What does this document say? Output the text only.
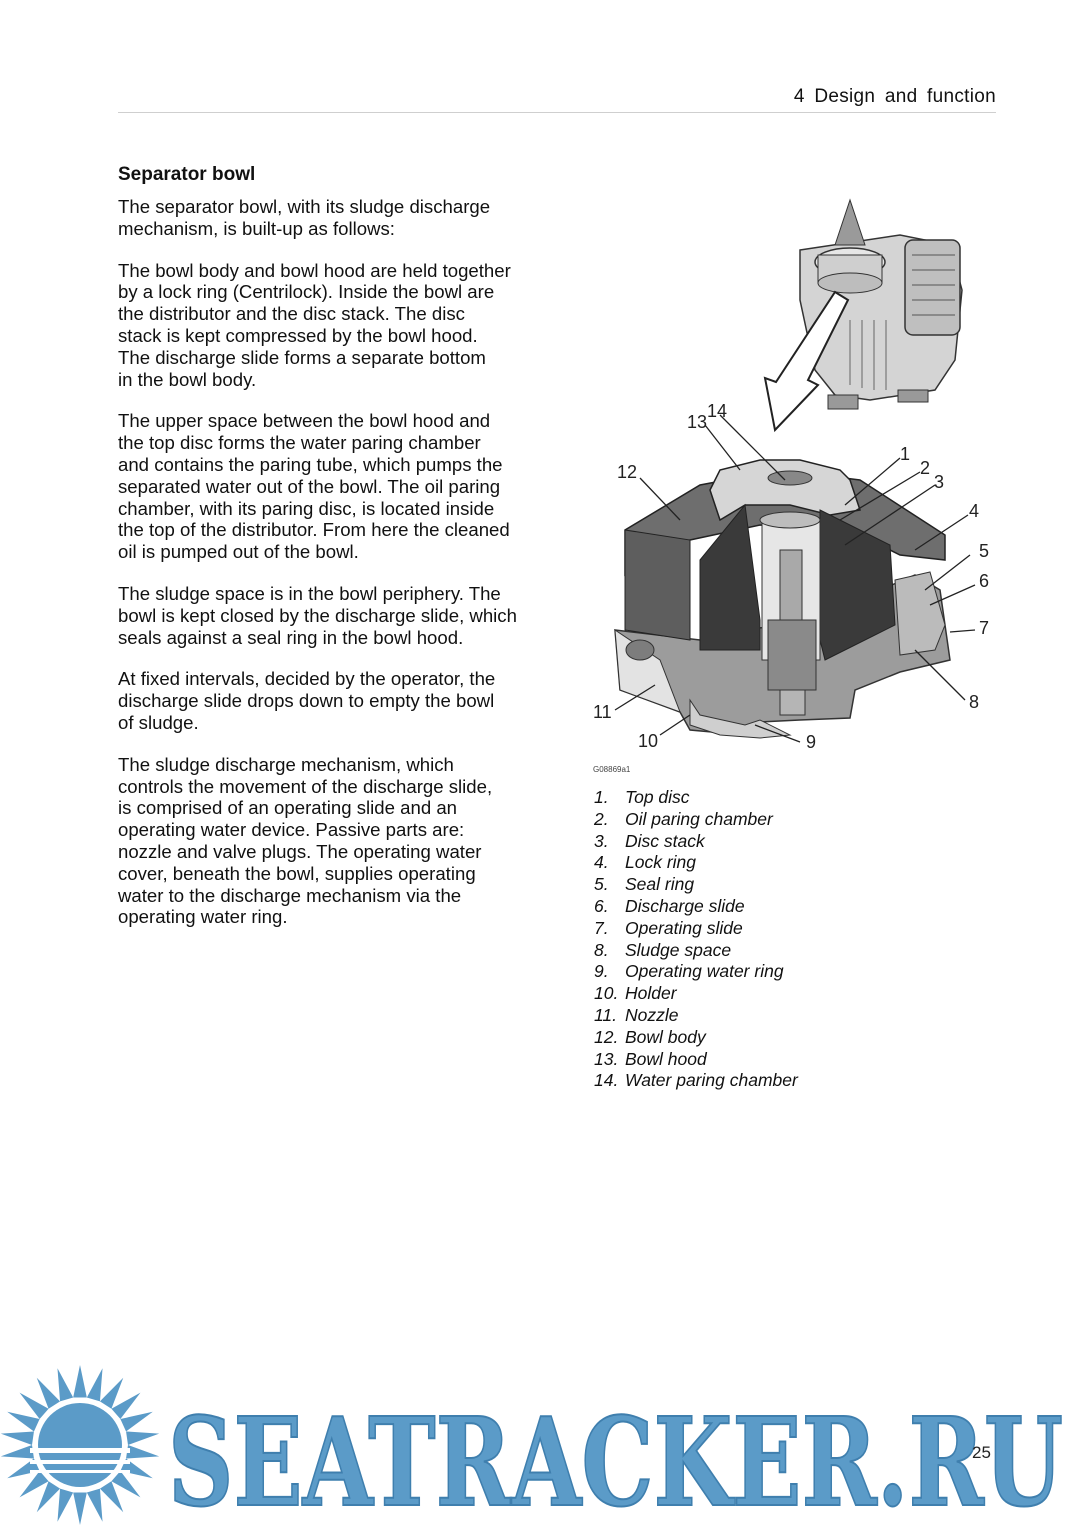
4 Design and function
Separator bowl

The separator bowl, with its sludge discharge
mechanism, is built-up as follows:

The bowl body and bowl hood are held together
by a lock ring (Centrilock). Inside the bowl are
the distributor and the disc stack. The disc
stack is kept compressed by the bowl hood.
The discharge slide forms a separate bottom
in the bowl body.

The upper space between the bowl hood and
the top disc forms the water paring chamber
and contains the paring tube, which pumps the
separated water out of the bowl. The oil paring
chamber, with its paring disc, is located inside
the top of the distributor. From here the cleaned
oil is pumped out of the bowl.

The sludge space is in the bowl periphery. The
bowl is kept closed by the discharge slide, which
seals against a seal ring in the bowl hood.

At fixed intervals, decided by the operator, the
discharge slide drops down to empty the bowl
of sludge.

The sludge discharge mechanism, which
controls the movement of the discharge slide,
is comprised of an operating slide and an
operating water device. Passive parts are:
nozzle and valve plugs. The operating water
cover, beneath the bowl, supplies operating
water to the discharge mechanism via the
operating water ring.

1
2
3
4
5
6
7
8
9
10
11
12
13
14
G08869a1
1. Top disc
2. Oil paring chamber
3. Disc stack
4. Lock ring
5. Seal ring
6. Discharge slide
7. Operating slide
8. Sludge space
9. Operating water ring
10. Holder
11. Nozzle
12. Bowl body
13. Bowl hood
14. Water paring chamber
SEATRACKER.RU
25
